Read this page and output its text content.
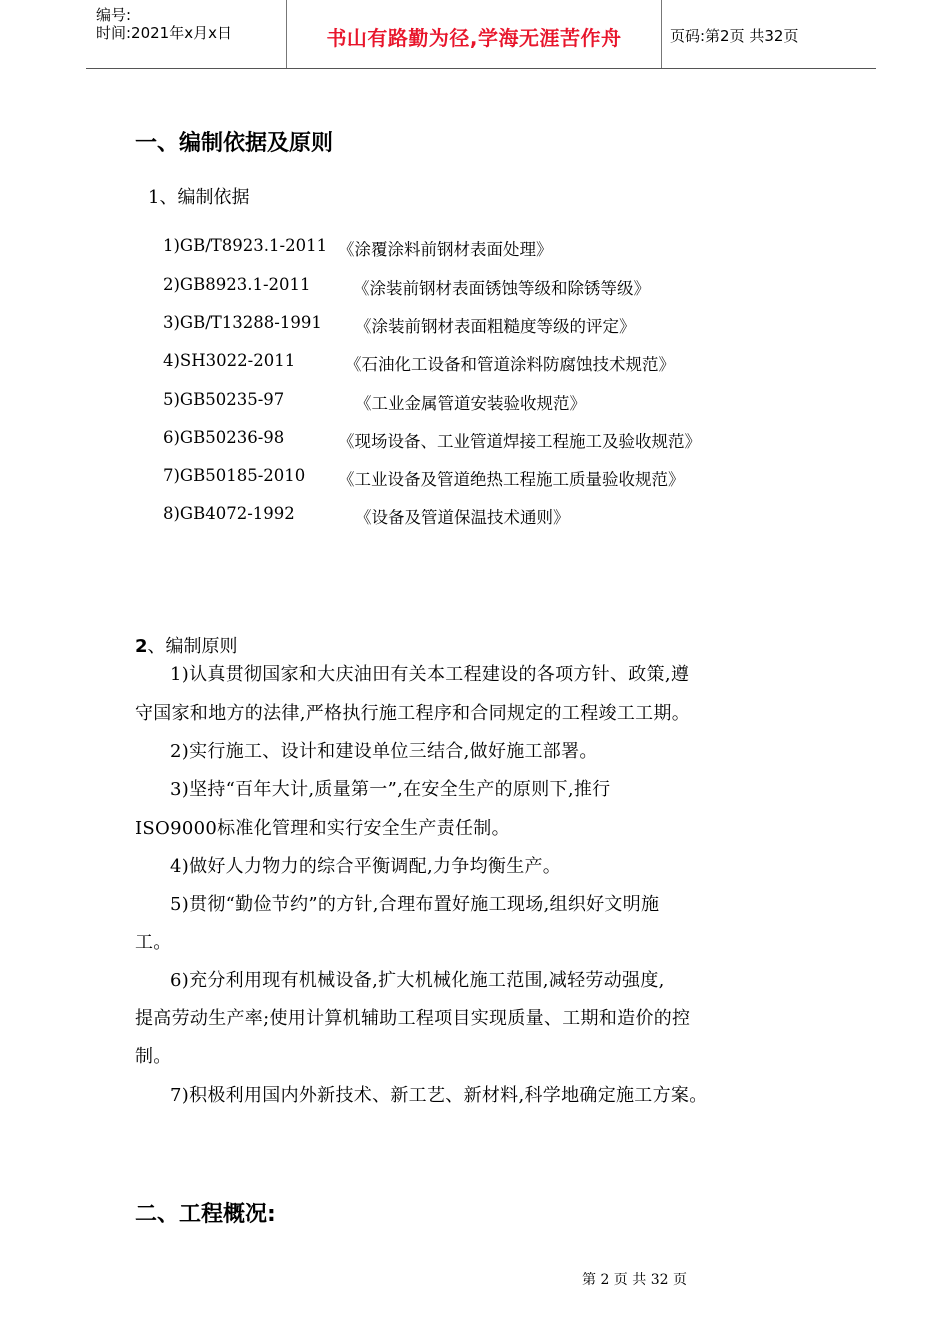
编号:
时间:2021年x月x日	书山有路勤为径,学海无涯苦作舟	页码:第2页 共32页
一、编制依据及原则
1、编制依据
1)GB/T8923.1-2011 《涂覆涂料前钢材表面处理》
2)GB8923.1-2011	《涂装前钢材表面锈蚀等级和除锈等级》
3)GB/T13288-1991 《涂装前钢材表面粗糙度等级的评定》
4)SH3022-2011	《石油化工设备和管道涂料防腐蚀技术规范》
5)GB50235-97	《工业金属管道安装验收规范》
6)GB50236-98	《现场设备、工业管道焊接工程施工及验收规范》
7)GB50185-2010 《工业设备及管道绝热工程施工质量验收规范》
8)GB4072-1992	《设备及管道保温技术通则》
2、编制原则
1)认真贯彻国家和大庆油田有关本工程建设的各项方针、政策,遵
守国家和地方的法律,严格执行施工程序和合同规定的工程竣工工期。
2)实行施工、设计和建设单位三结合,做好施工部署。
3)坚持“百年大计,质量第一”,在安全生产的原则下,推行
ISO9000标准化管理和实行安全生产责任制。
4)做好人力物力的综合平衡调配,力争均衡生产。
5)贯彻“勤俭节约”的方针,合理布置好施工现场,组织好文明施
工。
6)充分利用现有机械设备,扩大机械化施工范围,减轻劳动强度,
提高劳动生产率;使用计算机辅助工程项目实现质量、工期和造价的控
制。
7)积极利用国内外新技术、新工艺、新材料,科学地确定施工方案。
二、工程概况:
第 2 页 共 32 页
